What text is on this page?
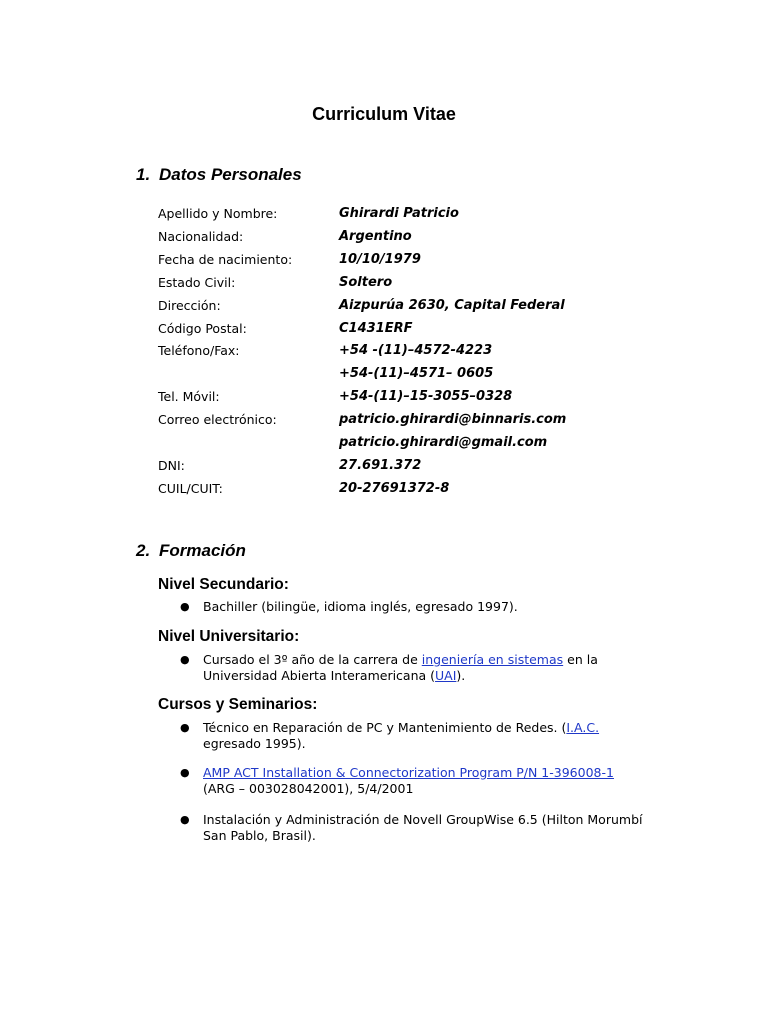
Curriculum Vitae
1. Datos Personales
Apellido y Nombre:	Ghirardi Patricio
Nacionalidad:	Argentino
Fecha de nacimiento:	10/10/1979
Estado Civil:	Soltero
Dirección:	Aizpurúa 2630, Capital Federal
Código Postal:	C1431ERF
Teléfono/Fax:	+54 -(11)–4572-4223
+54-(11)–4571– 0605
Tel. Móvil:	+54-(11)–15-3055–0328
Correo electrónico:	patricio.ghirardi@binnaris.com
patricio.ghirardi@gmail.com
DNI:	27.691.372
CUIL/CUIT:	20-27691372-8
2. Formación
Nivel Secundario:
● Bachiller (bilingüe, idioma inglés, egresado 1997).
Nivel Universitario:
● Cursado el 3º año de la carrera de ingeniería en sistemas en la Universidad Abierta Interamericana (UAI).
Cursos y Seminarios:
● Técnico en Reparación de PC y Mantenimiento de Redes. (I.A.C.
egresado 1995).
● AMP ACT Installation & Connectorization Program P/N 1-396008-1
(ARG – 003028042001), 5/4/2001
● Instalación y Administración de Novell GroupWise 6.5 (Hilton Morumbí San Pablo, Brasil).
